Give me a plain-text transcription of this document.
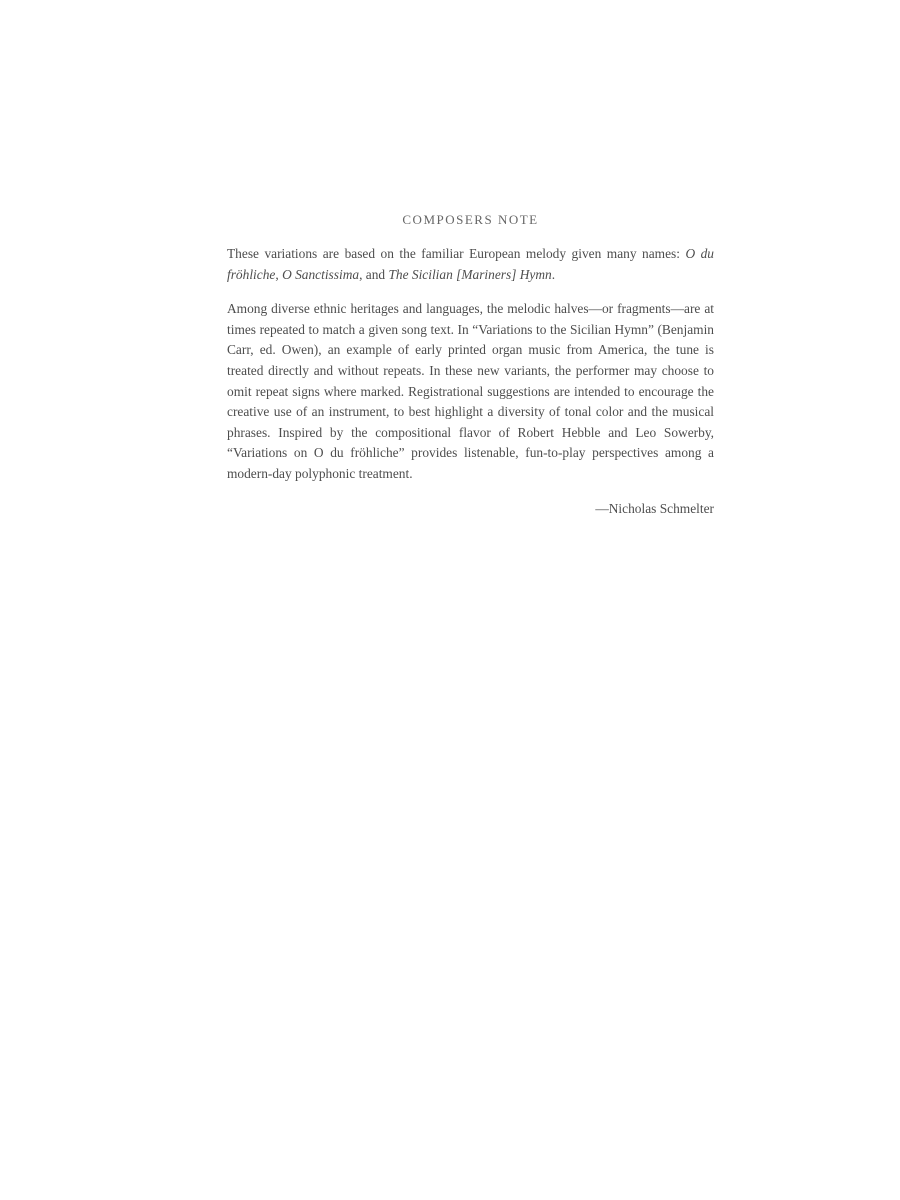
COMPOSERS NOTE

These variations are based on the familiar European melody given many names: O du fröhliche, O Sanctissima, and The Sicilian [Mariners] Hymn.

Among diverse ethnic heritages and languages, the melodic halves—or fragments—are at times repeated to match a given song text. In “Variations to the Sicilian Hymn” (Benjamin Carr, ed. Owen), an example of early printed organ music from America, the tune is treated directly and without repeats. In these new variants, the performer may choose to omit repeat signs where marked. Registrational suggestions are intended to encourage the creative use of an instrument, to best highlight a diversity of tonal color and the musical phrases. Inspired by the compositional flavor of Robert Hebble and Leo Sowerby, “Variations on O du fröhliche” provides listenable, fun-to-play perspectives among a modern-day polyphonic treatment.

—Nicholas Schmelter
